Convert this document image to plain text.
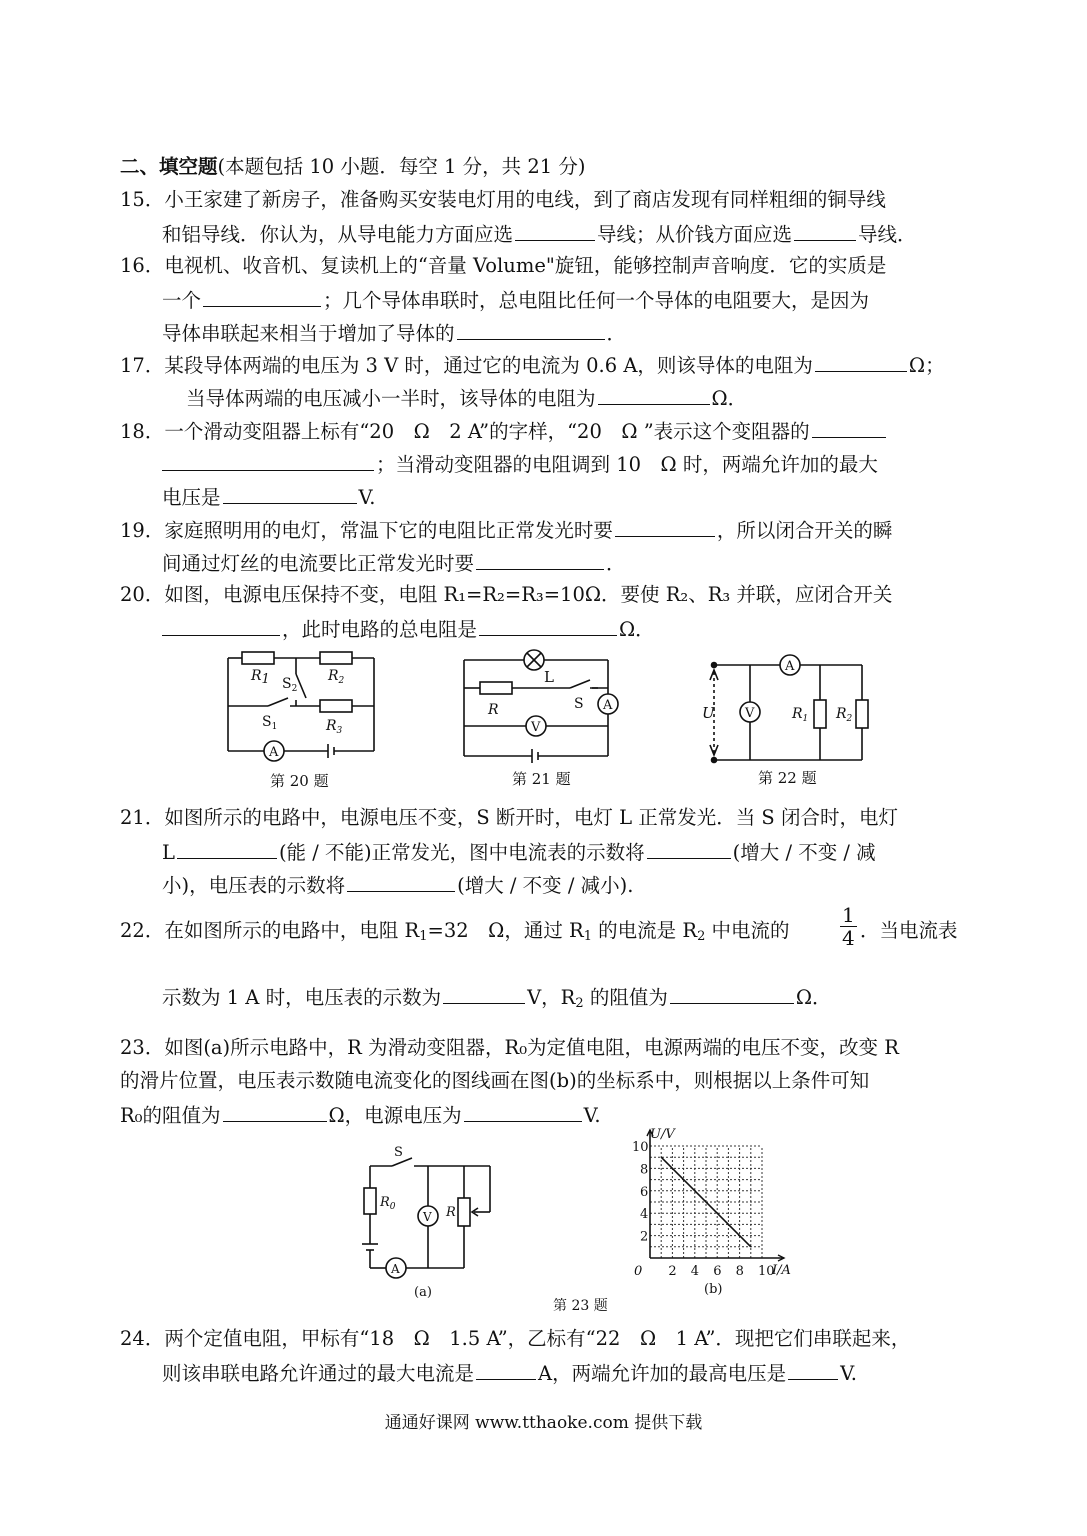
二、填空题(本题包括 10 小题．每空 1 分，共 21 分)
15．小王家建了新房子，准备购买安装电灯用的电线，到了商店发现有同样粗细的铜导线
和铝导线．你认为，从导电能力方面应选	导线；从价钱方面应选	导线．
16．电视机、收音机、复读机上的“音量 Volume"旋钮，能够控制声音响度．它的实质是
一个	；几个导体串联时，总电阻比任何一个导体的电阻要大，是因为
导体串联起来相当于增加了导体的	．
17．某段导体两端的电压为 3 V 时，通过它的电流为 0.6 A，则该导体的电阻为	Ω；
当导体两端的电压减小一半时，该导体的电阻为	Ω．
18．一个滑动变阻器上标有“20　Ω　2 A”的字样，“20　Ω ”表示这个变阻器的
；当滑动变阻器的电阻调到 10　Ω 时，两端允许加的最大
电压是	V.
19．家庭照明用的电灯，常温下它的电阻比正常发光时要	，所以闭合开关的瞬
间通过灯丝的电流要比正常发光时要	．
20．如图，电源电压保持不变，电阻 R₁=R₂=R₃=10Ω．要使 R₂、R₃ 并联，应闭合开关
，此时电路的总电阻是	Ω．
R1	$R_2$
$S_2$
$S_1$	$R_3$
A
第 20 题
L
R	S A
V
第 21 题
U
A
V	$R_1$ $R_2$
第 22 题
21．如图所示的电路中，电源电压不变，S 断开时，电灯 L 正常发光．当 S 闭合时，电灯
L	(能 / 不能)正常发光，图中电流表的示数将	(增大 / 不变 / 减
小)，电压表的示数将	(增大 / 不变 / 减小).
22．在如图所示的电路中，电阻 $R_1=32$　Ω，通过 $R_1$ 的电流是 $R_2$ 中电流的	$\frac{1}{4}$ ．当电流表
示数为 1 A 时，电压表的示数为	V，$R_2$ 的阻值为	Ω．
23．如图(a)所示电路中，R 为滑动变阻器，R₀为定值电阻，电源两端的电压不变，改变 R
的滑片位置，电压表示数随电流变化的图线画在图(b)的坐标系中，则根据以上条件可知
R₀的阻值为	Ω，电源电压为	V.
S
$R_0$
V R
A
(a)
2 4 6 8 10
2
4
6
8
10
U/V
I/A
0
(b)
第 23 题
24．两个定值电阻，甲标有“18　Ω　1.5 A”，乙标有“22　Ω　1 A”．现把它们串联起来，
则该串联电路允许通过的最大电流是	A，两端允许加的最高电压是	V.
通通好课网 www.tthaoke.com 提供下载
